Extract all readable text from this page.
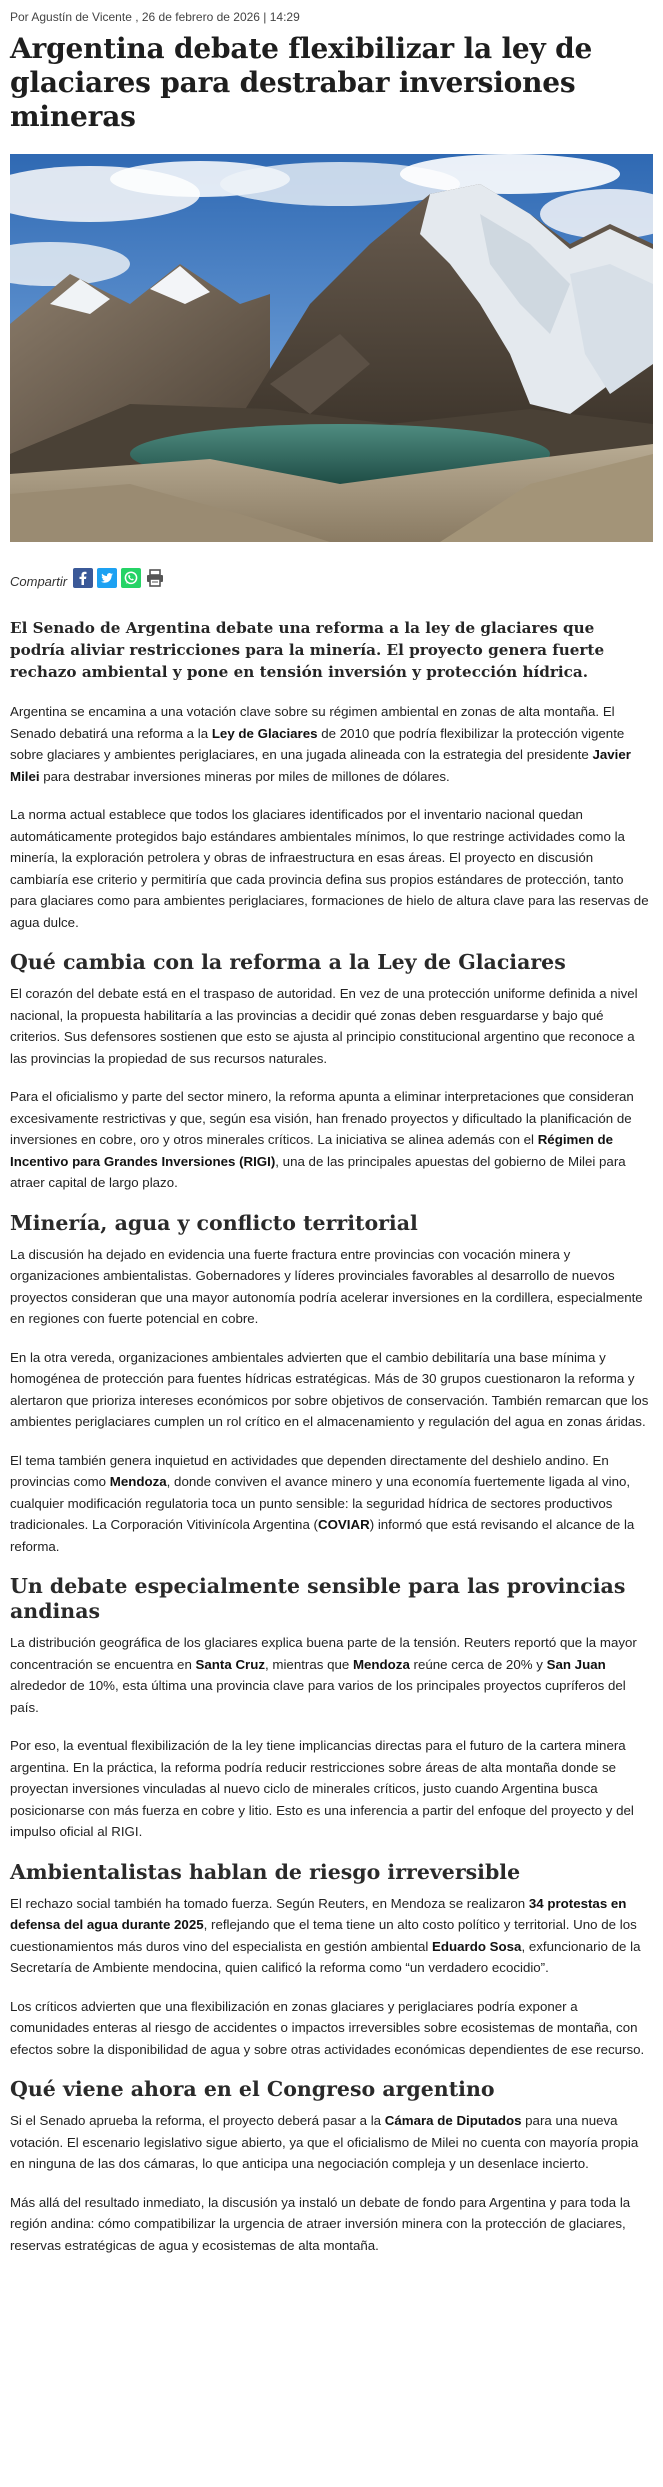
Por Agustín de Vicente , 26 de febrero de 2026 | 14:29
Argentina debate flexibilizar la ley de glaciares para destrabar inversiones mineras
Compartir
El Senado de Argentina debate una reforma a la ley de glaciares que podría aliviar restricciones para la minería. El proyecto genera fuerte rechazo ambiental y pone en tensión inversión y protección hídrica.

Argentina se encamina a una votación clave sobre su régimen ambiental en zonas de alta montaña. El Senado debatirá una reforma a la Ley de Glaciares de 2010 que podría flexibilizar la protección vigente sobre glaciares y ambientes periglaciares, en una jugada alineada con la estrategia del presidente Javier Milei para destrabar inversiones mineras por miles de millones de dólares.

La norma actual establece que todos los glaciares identificados por el inventario nacional quedan automáticamente protegidos bajo estándares ambientales mínimos, lo que restringe actividades como la minería, la exploración petrolera y obras de infraestructura en esas áreas. El proyecto en discusión cambiaría ese criterio y permitiría que cada provincia defina sus propios estándares de protección, tanto para glaciares como para ambientes periglaciares, formaciones de hielo de altura clave para las reservas de agua dulce.

Qué cambia con la reforma a la Ley de Glaciares

El corazón del debate está en el traspaso de autoridad. En vez de una protección uniforme definida a nivel nacional, la propuesta habilitaría a las provincias a decidir qué zonas deben resguardarse y bajo qué criterios. Sus defensores sostienen que esto se ajusta al principio constitucional argentino que reconoce a las provincias la propiedad de sus recursos naturales.

Para el oficialismo y parte del sector minero, la reforma apunta a eliminar interpretaciones que consideran excesivamente restrictivas y que, según esa visión, han frenado proyectos y dificultado la planificación de inversiones en cobre, oro y otros minerales críticos. La iniciativa se alinea además con el Régimen de Incentivo para Grandes Inversiones (RIGI), una de las principales apuestas del gobierno de Milei para atraer capital de largo plazo.

Minería, agua y conflicto territorial

La discusión ha dejado en evidencia una fuerte fractura entre provincias con vocación minera y organizaciones ambientalistas. Gobernadores y líderes provinciales favorables al desarrollo de nuevos proyectos consideran que una mayor autonomía podría acelerar inversiones en la cordillera, especialmente en regiones con fuerte potencial en cobre.

En la otra vereda, organizaciones ambientales advierten que el cambio debilitaría una base mínima y homogénea de protección para fuentes hídricas estratégicas. Más de 30 grupos cuestionaron la reforma y alertaron que prioriza intereses económicos por sobre objetivos de conservación. También remarcan que los ambientes periglaciares cumplen un rol crítico en el almacenamiento y regulación del agua en zonas áridas.

El tema también genera inquietud en actividades que dependen directamente del deshielo andino. En provincias como Mendoza, donde conviven el avance minero y una economía fuertemente ligada al vino, cualquier modificación regulatoria toca un punto sensible: la seguridad hídrica de sectores productivos tradicionales. La Corporación Vitivinícola Argentina (COVIAR) informó que está revisando el alcance de la reforma.

Un debate especialmente sensible para las provincias andinas

La distribución geográfica de los glaciares explica buena parte de la tensión. Reuters reportó que la mayor concentración se encuentra en Santa Cruz, mientras que Mendoza reúne cerca de 20% y San Juan alrededor de 10%, esta última una provincia clave para varios de los principales proyectos cupríferos del país.

Por eso, la eventual flexibilización de la ley tiene implicancias directas para el futuro de la cartera minera argentina. En la práctica, la reforma podría reducir restricciones sobre áreas de alta montaña donde se proyectan inversiones vinculadas al nuevo ciclo de minerales críticos, justo cuando Argentina busca posicionarse con más fuerza en cobre y litio. Esto es una inferencia a partir del enfoque del proyecto y del impulso oficial al RIGI.

Ambientalistas hablan de riesgo irreversible

El rechazo social también ha tomado fuerza. Según Reuters, en Mendoza se realizaron 34 protestas en defensa del agua durante 2025, reflejando que el tema tiene un alto costo político y territorial. Uno de los cuestionamientos más duros vino del especialista en gestión ambiental Eduardo Sosa, exfuncionario de la Secretaría de Ambiente mendocina, quien calificó la reforma como “un verdadero ecocidio”.

Los críticos advierten que una flexibilización en zonas glaciares y periglaciares podría exponer a comunidades enteras al riesgo de accidentes o impactos irreversibles sobre ecosistemas de montaña, con efectos sobre la disponibilidad de agua y sobre otras actividades económicas dependientes de ese recurso.

Qué viene ahora en el Congreso argentino

Si el Senado aprueba la reforma, el proyecto deberá pasar a la Cámara de Diputados para una nueva votación. El escenario legislativo sigue abierto, ya que el oficialismo de Milei no cuenta con mayoría propia en ninguna de las dos cámaras, lo que anticipa una negociación compleja y un desenlace incierto.

Más allá del resultado inmediato, la discusión ya instaló un debate de fondo para Argentina y para toda la región andina: cómo compatibilizar la urgencia de atraer inversión minera con la protección de glaciares, reservas estratégicas de agua y ecosistemas de alta montaña.
